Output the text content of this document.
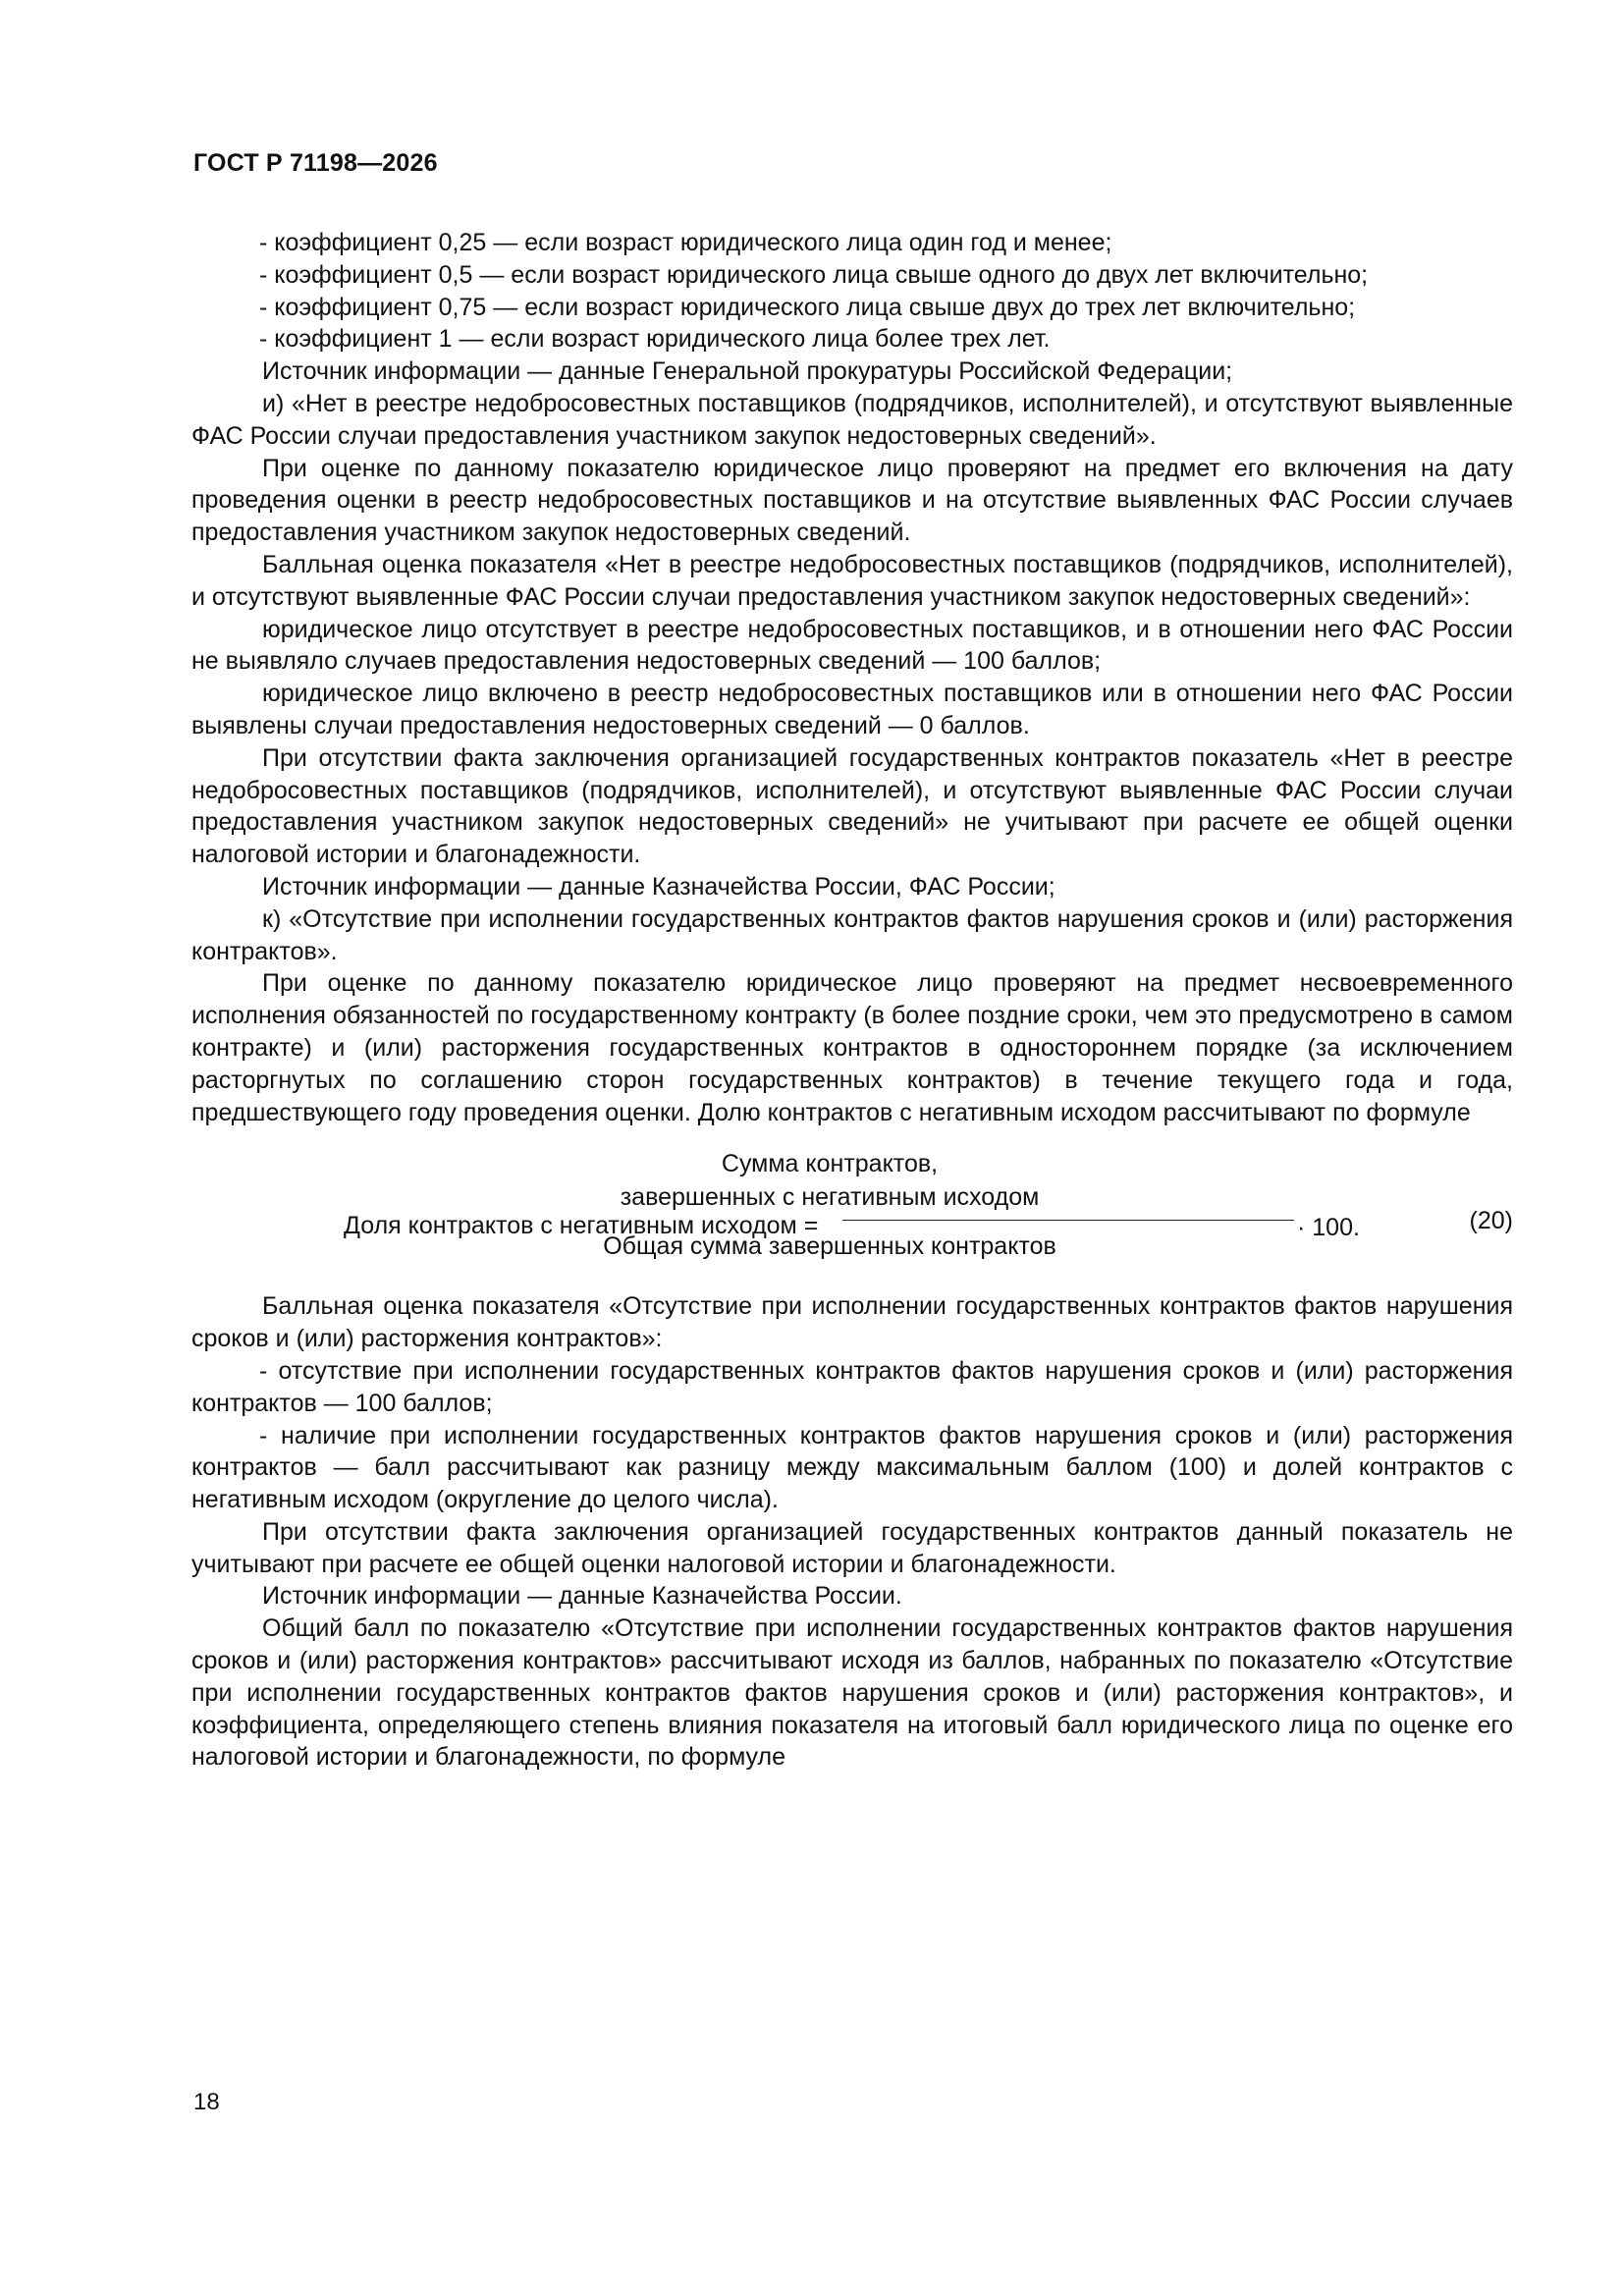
ГОСТ Р 71198—2026

- коэффициент 0,25 — если возраст юридического лица один год и менее;

- коэффициент 0,5 — если возраст юридического лица свыше одного до двух лет включительно;

- коэффициент 0,75 — если возраст юридического лица свыше двух до трех лет включительно;

- коэффициент 1 — если возраст юридического лица более трех лет.

Источник информации — данные Генеральной прокуратуры Российской Федерации;

и) «Нет в реестре недобросовестных поставщиков (подрядчиков, исполнителей), и отсутствуют выявленные ФАС России случаи предоставления участником закупок недостоверных сведений».

При оценке по данному показателю юридическое лицо проверяют на предмет его включения на дату проведения оценки в реестр недобросовестных поставщиков и на отсутствие выявленных ФАС России случаев предоставления участником закупок недостоверных сведений.

Балльная оценка показателя «Нет в реестре недобросовестных поставщиков (подрядчиков, исполнителей), и отсутствуют выявленные ФАС России случаи предоставления участником закупок недостоверных сведений»:

юридическое лицо отсутствует в реестре недобросовестных поставщиков, и в отношении него ФАС России не выявляло случаев предоставления недостоверных сведений — 100 баллов;

юридическое лицо включено в реестр недобросовестных поставщиков или в отношении него ФАС России выявлены случаи предоставления недостоверных сведений — 0 баллов.

При отсутствии факта заключения организацией государственных контрактов показатель «Нет в реестре недобросовестных поставщиков (подрядчиков, исполнителей), и отсутствуют выявленные ФАС России случаи предоставления участником закупок недостоверных сведений» не учитывают при расчете ее общей оценки налоговой истории и благонадежности.

Источник информации — данные Казначейства России, ФАС России;

к) «Отсутствие при исполнении государственных контрактов фактов нарушения сроков и (или) расторжения контрактов».

При оценке по данному показателю юридическое лицо проверяют на предмет несвоевременного исполнения обязанностей по государственному контракту (в более поздние сроки, чем это предусмотрено в самом контракте) и (или) расторжения государственных контрактов в одностороннем порядке (за исключением расторгнутых по соглашению сторон государственных контрактов) в течение текущего года и года, предшествующего году проведения оценки. Долю контрактов с негативным исходом рассчитывают по формуле

Доля контрактов с негативным исходом =
Сумма контрактов,
завершенных с негативным исходом
Общая сумма завершенных контрактов
· 100.	(20)

Балльная оценка показателя «Отсутствие при исполнении государственных контрактов фактов нарушения сроков и (или) расторжения контрактов»:

- отсутствие при исполнении государственных контрактов фактов нарушения сроков и (или) расторжения контрактов — 100 баллов;

- наличие при исполнении государственных контрактов фактов нарушения сроков и (или) расторжения контрактов — балл рассчитывают как разницу между максимальным баллом (100) и долей контрактов с негативным исходом (округление до целого числа).

При отсутствии факта заключения организацией государственных контрактов данный показатель не учитывают при расчете ее общей оценки налоговой истории и благонадежности.

Источник информации — данные Казначейства России.

Общий балл по показателю «Отсутствие при исполнении государственных контрактов фактов нарушения сроков и (или) расторжения контрактов» рассчитывают исходя из баллов, набранных по показателю «Отсутствие при исполнении государственных контрактов фактов нарушения сроков и (или) расторжения контрактов», и коэффициента, определяющего степень влияния показателя на итоговый балл юридического лица по оценке его налоговой истории и благонадежности, по формуле

18
